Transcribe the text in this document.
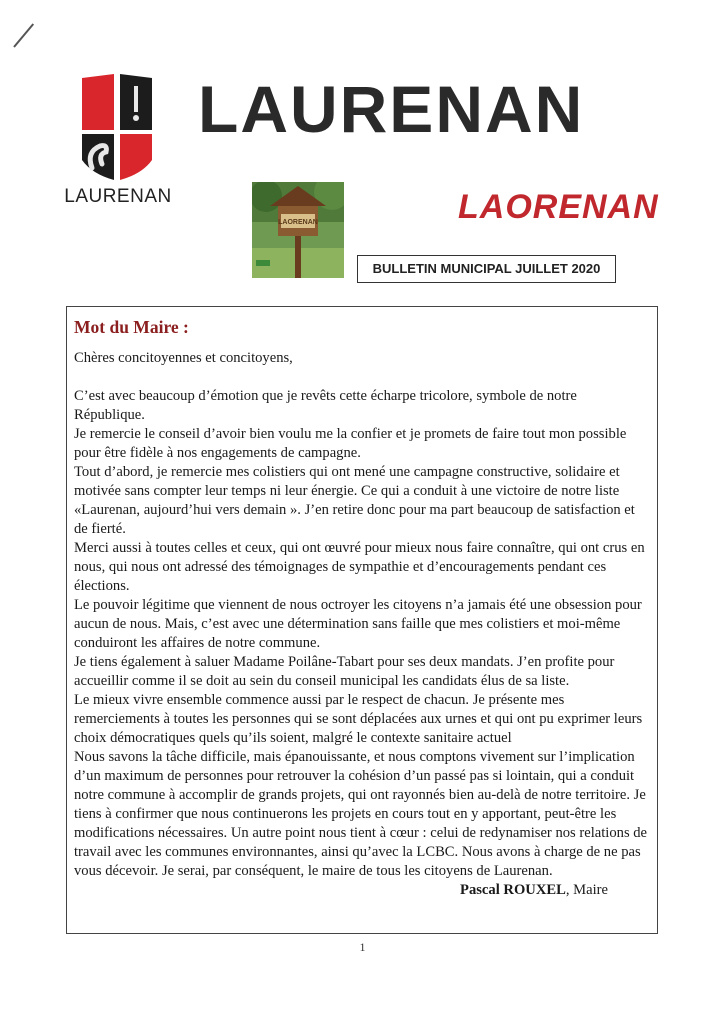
LAURENAN
LAURENAN
LAORENAN	LAORENAN
BULLETIN MUNICIPAL JUILLET 2020
Mot du Maire :

Chères concitoyennes et concitoyens,

C’est avec beaucoup d’émotion que je revêts cette écharpe tricolore, symbole de notre République.

Je remercie le conseil d’avoir bien voulu me la confier et je promets de faire tout mon possible pour être fidèle à nos engagements de campagne.

Tout d’abord, je remercie mes colistiers qui ont mené une campagne constructive, solidaire et motivée sans compter leur temps ni leur énergie. Ce qui a conduit à une victoire de notre liste «Laurenan, aujourd’hui vers demain ». J’en retire donc pour ma part beaucoup de satisfaction et de fierté.

Merci aussi à toutes celles et ceux, qui ont œuvré pour mieux nous faire connaître, qui ont crus en nous, qui nous ont adressé des témoignages de sympathie et d’encouragements pendant ces élections.

Le pouvoir légitime que viennent de nous octroyer les citoyens n’a jamais été une obsession pour aucun de nous. Mais, c’est avec une détermination sans faille que mes colistiers et moi-même conduiront les affaires de notre commune.

Je tiens également à saluer Madame Poilâne-Tabart pour ses deux mandats. J’en profite pour accueillir comme il se doit au sein du conseil municipal les candidats élus de sa liste.

Le mieux vivre ensemble commence aussi par le respect de chacun. Je présente mes remerciements à toutes les personnes qui se sont déplacées aux urnes et qui ont pu exprimer leurs choix démocratiques quels qu’ils soient, malgré le contexte sanitaire actuel

Nous savons la tâche difficile, mais épanouissante, et nous comptons vivement sur l’implication d’un maximum de personnes pour retrouver la cohésion d’un passé pas si lointain, qui a conduit notre commune à accomplir de grands projets, qui ont rayonnés bien au-delà de notre territoire. Je tiens à confirmer que nous continuerons les projets en cours tout en y apportant, peut-être les modifications nécessaires. Un autre point nous tient à cœur : celui de redynamiser nos relations de travail avec les communes environnantes, ainsi qu’avec la LCBC. Nous avons à charge de ne pas vous décevoir. Je serai, par conséquent, le maire de tous les citoyens de Laurenan.

Pascal ROUXEL, Maire

1
